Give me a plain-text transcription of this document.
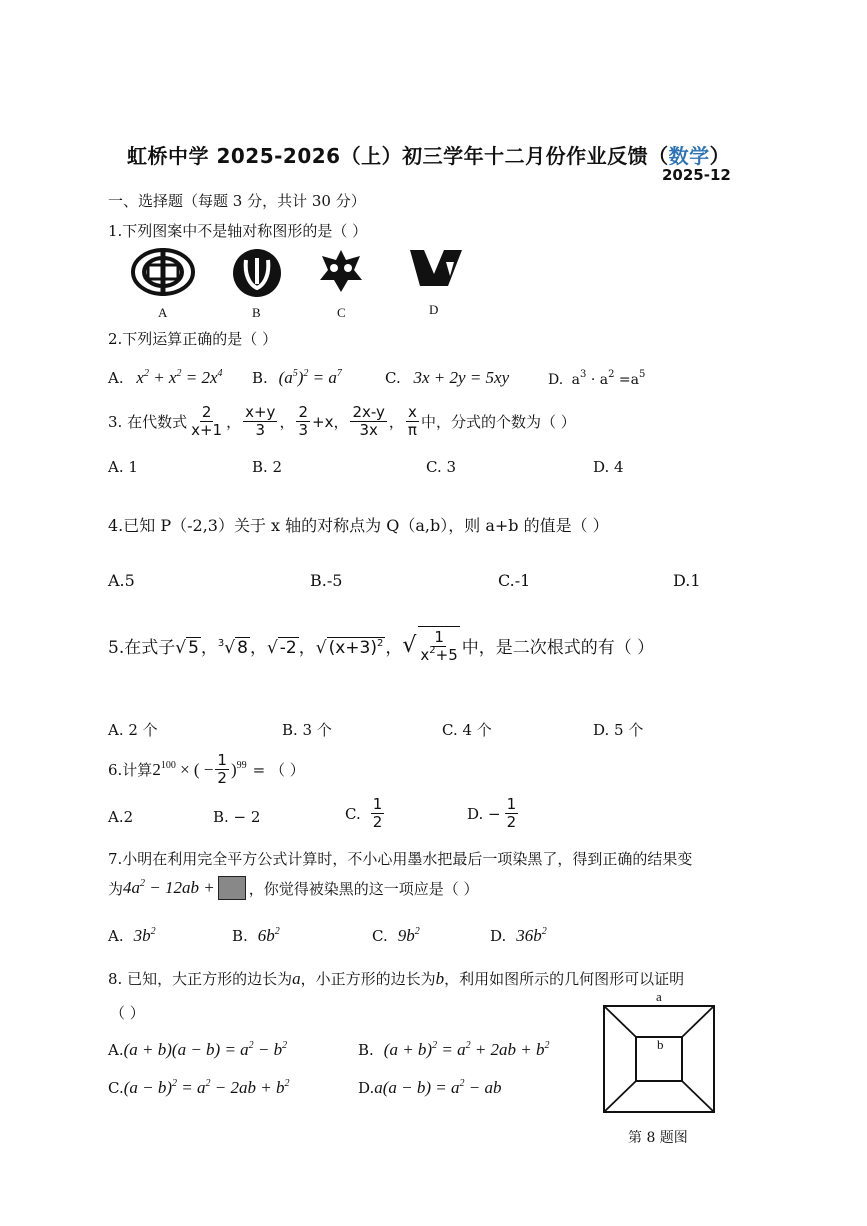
虹桥中学 2025-2026（上）初三学年十二月份作业反馈（数学）
2025-12
一、选择题（每题 3 分，共计 30 分）
1.下列图案中不是轴对称图形的是（ ）
A	B	C	D
2.下列运算正确的是（ ）
A. $x^2 + x^2 = 2x^4$ B. $(a^5)^2 = a^7$	C. 3x + 2y = 5xy	D. $a^3 \cdot a^2 =a^5$
3. 在代数式 $\frac{2}{x+1}$ ， $\frac{x+y}{3}$ ， $\frac{2}{3} +x$， $\frac{2x-y}{3x}$ ， $\frac{x}{\pi}$ 中，分式的个数为（ ）
A. 1	B. 2	C. 3	D. 4
4.已知 P（-2,3）关于 x 轴的对称点为 Q（a,b），则 a+b 的值是（ ）
A.5	B.-5	C.-1	D.1
5.在式子 √ 5 ， $^3$√ 8 ， √ -2 ， √ $(x+3)^2$ ， √ $\frac{1}{x^2+5}$ 中，是二次根式的有（ ）
A. 2 个	B. 3 个	C. 4 个	D. 5 个
6.计算 $2^{100}$ × ( − $\frac{1}{2} )^{99}$ = （ ）
A.2	B. − 2	C. $\frac{1}{2}$	D. − $\frac{1}{2}$
7.小明在利用完全平方公式计算时，不小心用墨水把最后一项染黑了，得到正确的结果变
为 $4a^2 - 12ab$ + ，你觉得被染黑的这一项应是（ ）
A. $3b^2$	B. $6b^2$	C. $9b^2$	D. $36b^2$
8. 已知，大正方形的边长为a，小正方形的边长为b，利用如图所示的几何图形可以证明
（ ）
$A.(a + b)(a - b) = a^2 - b^2$	B. $(a + b)^2 = a^2 + 2ab + b^2$
$C.(a - b)^2 = a^2 - 2ab + b^2$	$D.a(a - b) = a^2$ − ab
a
b
第 8 题图
